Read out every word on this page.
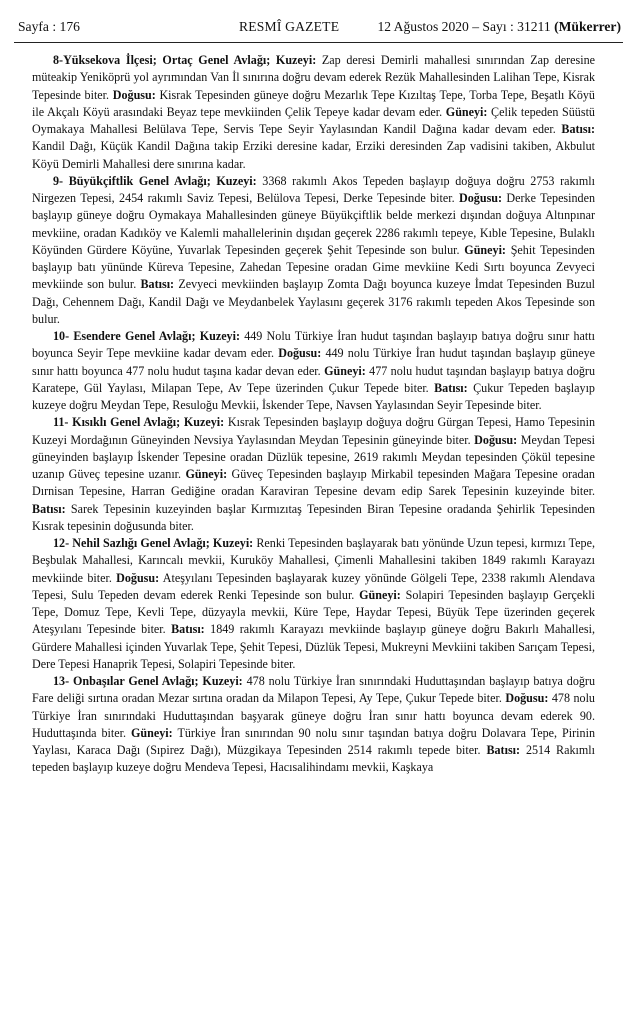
Sayfa : 176	RESMÎ GAZETE	12 Ağustos 2020 – Sayı : 31211 (Mükerrer)

8-Yüksekova İlçesi; Ortaç Genel Avlağı; Kuzeyi: Zap deresi Demirli mahallesi sınırından Zap deresine müteakip Yeniköprü yol ayrımından Van İl sınırına doğru devam ederek Rezük Mahallesinden Lalihan Tepe, Kisrak Tepesinde biter. Doğusu: Kisrak Tepesinden güneye doğru Mezarlık Tepe Kızıltaş Tepe, Torba Tepe, Beşatlı Köyü ile Akçalı Köyü arasındaki Beyaz tepe mevkiinden Çelik Tepeye kadar devam eder. Güneyi: Çelik tepeden Süüstü Oymakaya Mahallesi Belülava Tepe, Servis Tepe Seyir Yaylasından Kandil Dağına kadar devam eder. Batısı: Kandil Dağı, Küçük Kandil Dağına takip Erziki deresine kadar, Erziki deresinden Zap vadisini takiben, Akbulut Köyü Demirli Mahallesi dere sınırına kadar.

9- Büyükçiftlik Genel Avlağı; Kuzeyi: 3368 rakımlı Akos Tepeden başlayıp doğuya doğru 2753 rakımlı Nirgezen Tepesi, 2454 rakımlı Saviz Tepesi, Belülova Tepesi, Derke Tepesinde biter. Doğusu: Derke Tepesinden başlayıp güneye doğru Oymakaya Mahallesinden güneye Büyükçiftlik belde merkezi dışından doğuya Altınpınar mevkiine, oradan Kadıköy ve Kalemli mahallelerinin dışıdan geçerek 2286 rakımlı tepeye, Kıble Tepesine, Bulaklı Köyünden Gürdere Köyüne, Yuvarlak Tepesinden geçerek Şehit Tepesinde son bulur. Güneyi: Şehit Tepesinden başlayıp batı yününde Küreva Tepesine, Zahedan Tepesine oradan Gime mevkiine Kedi Sırtı boyunca Zevyeci mevkiinde son bulur. Batısı: Zevyeci mevkiinden başlayıp Zomta Dağı boyunca kuzeye İmdat Tepesinden Buzul Dağı, Cehennem Dağı, Kandil Dağı ve Meydanbelek Yaylasını geçerek 3176 rakımlı tepeden Akos Tepesinde son bulur.

10- Esendere Genel Avlağı; Kuzeyi: 449 Nolu Türkiye İran hudut taşından başlayıp batıya doğru sınır hattı boyunca Seyir Tepe mevkiine kadar devam eder. Doğusu: 449 nolu Türkiye İran hudut taşından başlayıp güneye sınır hattı boyunca 477 nolu hudut taşına kadar devan eder. Güneyi: 477 nolu hudut taşından başlayıp batıya doğru Karatepe, Gül Yaylası, Milapan Tepe, Av Tepe üzerinden Çukur Tepede biter. Batısı: Çukur Tepeden başlayıp kuzeye doğru Meydan Tepe, Resuloğu Mevkii, İskender Tepe, Navsen Yaylasından Seyir Tepesinde biter.

11- Kısıklı Genel Avlağı; Kuzeyi: Kısrak Tepesinden başlayıp doğuya doğru Gürgan Tepesi, Hamo Tepesinin Kuzeyi Mordağının Güneyinden Nevsiya Yaylasından Meydan Tepesinin güneyinde biter. Doğusu: Meydan Tepesi güneyinden başlayıp İskender Tepesine oradan Düzlük tepesine, 2619 rakımlı Meydan tepesinden Çökül tepesine uzanıp Güveç tepesine uzanır. Güneyi: Güveç Tepesinden başlayıp Mirkabil tepesinden Mağara Tepesine oradan Dırnisan Tepesine, Harran Gediğine oradan Karaviran Tepesine devam edip Sarek Tepesinin kuzeyinde biter. Batısı: Sarek Tepesinin kuzeyinden başlar Kırmızıtaş Tepesinden Biran Tepesine oradanda Şehirlik Tepesinden Kısrak tepesinin doğusunda biter.

12- Nehil Sazlığı Genel Avlağı; Kuzeyi: Renki Tepesinden başlayarak batı yönünde Uzun tepesi, kırmızı Tepe, Beşbulak Mahallesi, Karıncalı mevkii, Kuruköy Mahallesi, Çimenli Mahallesini takiben 1849 rakımlı Karayazı mevkiinde biter. Doğusu: Ateşyılanı Tepesinden başlayarak kuzey yönünde Gölgeli Tepe, 2338 rakımlı Alendava Tepesi, Sulu Tepeden devam ederek Renki Tepesinde son bulur. Güneyi: Solapiri Tepesinden başlayıp Gerçekli Tepe, Domuz Tepe, Kevli Tepe, düzyayla mevkii, Küre Tepe, Haydar Tepesi, Büyük Tepe üzerinden geçerek Ateşyılanı Tepesinde biter. Batısı: 1849 rakımlı Karayazı mevkiinde başlayıp güneye doğru Bakırlı Mahallesi, Gürdere Mahallesi içinden Yuvarlak Tepe, Şehit Tepesi, Düzlük Tepesi, Mukreyni Mevkiini takiben Sarıçam Tepesi, Dere Tepesi Hanaprik Tepesi, Solapiri Tepesinde biter.

13- Onbaşılar Genel Avlağı; Kuzeyi: 478 nolu Türkiye İran sınırındaki Huduttaşından başlayıp batıya doğru Fare deliği sırtına oradan Mezar sırtına oradan da Milapon Tepesi, Ay Tepe, Çukur Tepede biter. Doğusu: 478 nolu Türkiye İran sınırındaki Huduttaşından başyarak güneye doğru İran sınır hattı boyunca devam ederek 90. Huduttaşında biter. Güneyi: Türkiye İran sınırından 90 nolu sınır taşından batıya doğru Dolavara Tepe, Pirinin Yaylası, Karaca Dağı (Sıpirez Dağı), Müzgikaya Tepesinden 2514 rakımlı tepede biter. Batısı: 2514 Rakımlı tepeden başlayıp kuzeye doğru Mendeva Tepesi, Hacısalihindamı mevkii, Kaşkaya
